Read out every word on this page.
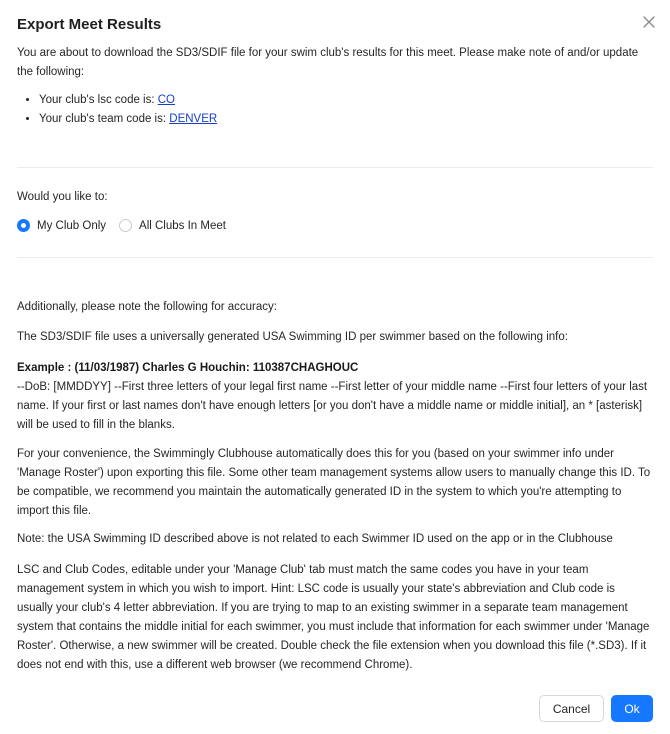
Export Meet Results
You are about to download the SD3/SDIF file for your swim club's results for this meet. Please make note of and/or update the following:
• Your club's lsc code is: CO
• Your club's team code is: DENVER
Would you like to:
My Club Only	All Clubs In Meet

Additionally, please note the following for accuracy:

The SD3/SDIF file uses a universally generated USA Swimming ID per swimmer based on the following info:

Example : (11/03/1987) Charles G Houchin: 110387CHAGHOUC
--DoB: [MMDDYY] --First three letters of your legal first name --First letter of your middle name --First four letters of your last name. If your first or last names don't have enough letters [or you don't have a middle name or middle initial], an * [asterisk] will be used to fill in the blanks.

For your convenience, the Swimmingly Clubhouse automatically does this for you (based on your swimmer info under 'Manage Roster') upon exporting this file. Some other team management systems allow users to manually change this ID. To be compatible, we recommend you maintain the automatically generated ID in the system to which you're attempting to import this file.

Note: the USA Swimming ID described above is not related to each Swimmer ID used on the app or in the Clubhouse

LSC and Club Codes, editable under your 'Manage Club' tab must match the same codes you have in your team management system in which you wish to import. Hint: LSC code is usually your state's abbreviation and Club code is usually your club's 4 letter abbreviation. If you are trying to map to an existing swimmer in a separate team management system that contains the middle initial for each swimmer, you must include that information for each swimmer under 'Manage Roster'. Otherwise, a new swimmer will be created. Double check the file extension when you download this file (*.SD3). If it does not end with this, use a different web browser (we recommend Chrome).

Cancel	Ok
